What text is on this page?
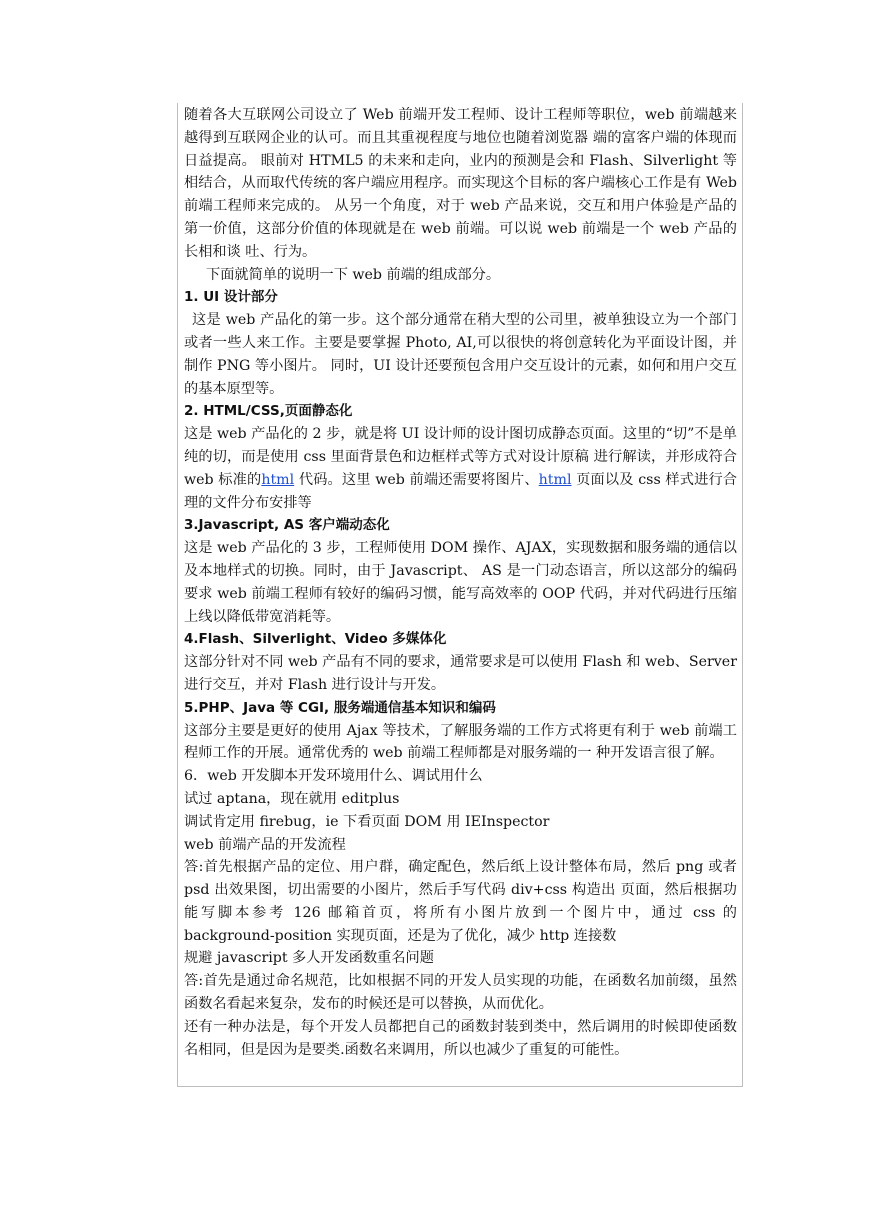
随着各大互联网公司设立了 Web 前端开发工程师、设计工程师等职位，web 前端越来越得到互联网企业的认可。而且其重视程度与地位也随着浏览器 端的富客户端的体现而日益提高。 眼前对 HTML5 的未来和走向，业内的预测是会和 Flash、Silverlight 等相结合，从而取代传统的客户端应用程序。而实现这个目标的客户端核心工作是有 Web 前端工程师来完成的。 从另一个角度，对于 web 产品来说，交互和用户体验是产品的第一价值，这部分价值的体现就是在 web 前端。可以说 web 前端是一个 web 产品的长相和谈 吐、行为。

下面就简单的说明一下 web 前端的组成部分。

1. UI 设计部分

这是 web 产品化的第一步。这个部分通常在稍大型的公司里，被单独设立为一个部门或者一些人来工作。主要是要掌握 Photo, AI,可以很快的将创意转化为平面设计图，并制作 PNG 等小图片。 同时，UI 设计还要预包含用户交互设计的元素，如何和用户交互的基本原型等。

2. HTML/CSS,页面静态化

这是 web 产品化的 2 步，就是将 UI 设计师的设计图切成静态页面。这里的“切”不是单纯的切，而是使用 css 里面背景色和边框样式等方式对设计原稿 进行解读，并形成符合 web 标准的html 代码。这里 web 前端还需要将图片、html 页面以及 css 样式进行合理的文件分布安排等

3.Javascript, AS 客户端动态化

这是 web 产品化的 3 步，工程师使用 DOM 操作、AJAX，实现数据和服务端的通信以及本地样式的切换。同时，由于 Javascript、 AS 是一门动态语言，所以这部分的编码要求 web 前端工程师有较好的编码习惯，能写高效率的 OOP 代码，并对代码进行压缩上线以降低带宽消耗等。

4.Flash、Silverlight、Video 多媒体化

这部分针对不同 web 产品有不同的要求，通常要求是可以使用 Flash 和 web、Server 进行交互，并对 Flash 进行设计与开发。

5.PHP、Java 等 CGI, 服务端通信基本知识和编码

这部分主要是更好的使用 Ajax 等技术，了解服务端的工作方式将更有利于 web 前端工程师工作的开展。通常优秀的 web 前端工程师都是对服务端的一 种开发语言很了解。

6．web 开发脚本开发环境用什么、调试用什么

试过 aptana，现在就用 editplus

调试肯定用 firebug，ie 下看页面 DOM 用 IEInspector

web 前端产品的开发流程

答:首先根据产品的定位、用户群，确定配色，然后纸上设计整体布局，然后 png 或者 psd 出效果图，切出需要的小图片，然后手写代码 div+css 构造出 页面，然后根据功能写脚本参考 126 邮箱首页，将所有小图片放到一个图片中，通过 css 的background-position 实现页面，还是为了优化，减少 http 连接数

规避 javascript 多人开发函数重名问题

答:首先是通过命名规范，比如根据不同的开发人员实现的功能，在函数名加前缀，虽然函数名看起来复杂，发布的时候还是可以替换，从而优化。

还有一种办法是，每个开发人员都把自己的函数封装到类中，然后调用的时候即使函数名相同，但是因为是要类.函数名来调用，所以也减少了重复的可能性。
